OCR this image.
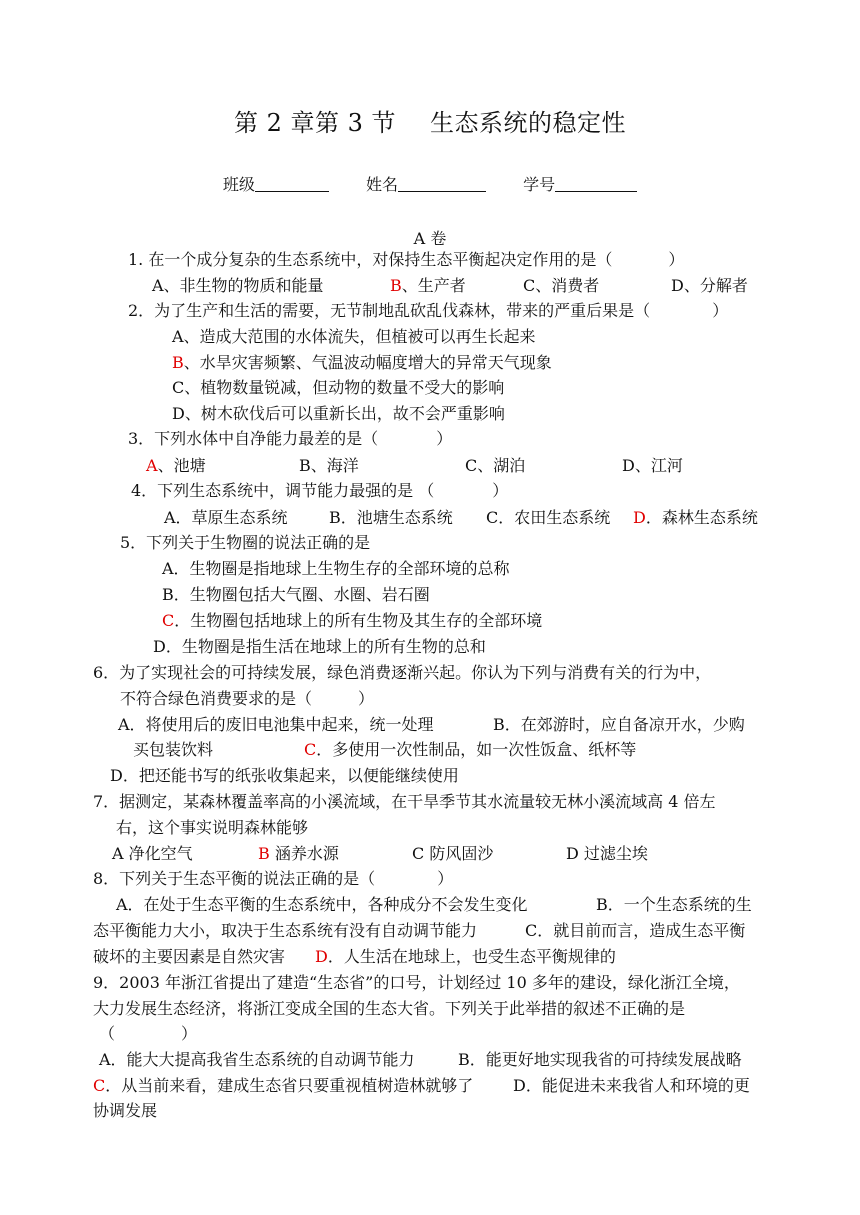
第 2 章第 3 节 生态系统的稳定性
班级	姓名	学号
A 卷
1. 在一个成分复杂的生态系统中，对保持生态平衡起决定作用的是（	）
A、非生物的物质和能量	B、生产者	C、消费者	D、分解者
2．为了生产和生活的需要，无节制地乱砍乱伐森林，带来的严重后果是（	）
A、造成大范围的水体流失，但植被可以再生长起来
B、水旱灾害频繁、气温波动幅度增大的异常天气现象
C、植物数量锐减，但动物的数量不受大的影响
D、树木砍伐后可以重新长出，故不会严重影响
3．下列水体中自净能力最差的是（	）
A、池塘	B、海洋	C、湖泊	D、江河
4．下列生态系统中，调节能力最强的是 （	）
A．草原生态系统	B．池塘生态系统 C．农田生态系统 D．森林生态系统
5．下列关于生物圈的说法正确的是
A．生物圈是指地球上生物生存的全部环境的总称
B．生物圈包括大气圈、水圈、岩石圈
C．生物圈包括地球上的所有生物及其生存的全部环境
D．生物圈是指生活在地球上的所有生物的总和
6．为了实现社会的可持续发展，绿色消费逐渐兴起。你认为下列与消费有关的行为中，
不符合绿色消费要求的是（	）
A．将使用后的废旧电池集中起来，统一处理	B．在郊游时，应自备凉开水，少购
买包装饮料	C．多使用一次性制品，如一次性饭盒、纸杯等
D．把还能书写的纸张收集起来，以便能继续使用
7．据测定，某森林覆盖率高的小溪流域，在干旱季节其水流量较无林小溪流域高 4 倍左
右，这个事实说明森林能够
A 净化空气	B 涵养水源	C 防风固沙	D 过滤尘埃
8．下列关于生态平衡的说法正确的是（	）
A．在处于生态平衡的生态系统中，各种成分不会发生变化	B．一个生态系统的生
态平衡能力大小，取决于生态系统有没有自动调节能力	C．就目前而言，造成生态平衡
破坏的主要因素是自然灾害 D．人生活在地球上，也受生态平衡规律的
9．2003 年浙江省提出了建造“生态省”的口号，计划经过 10 多年的建设，绿化浙江全境，
大力发展生态经济，将浙江变成全国的生态大省。下列关于此举措的叙述不正确的是
（	）
A．能大大提高我省生态系统的自动调节能力	B．能更好地实现我省的可持续发展战略
C．从当前来看，建成生态省只要重视植树造林就够了 D．能促进未来我省人和环境的更
协调发展
